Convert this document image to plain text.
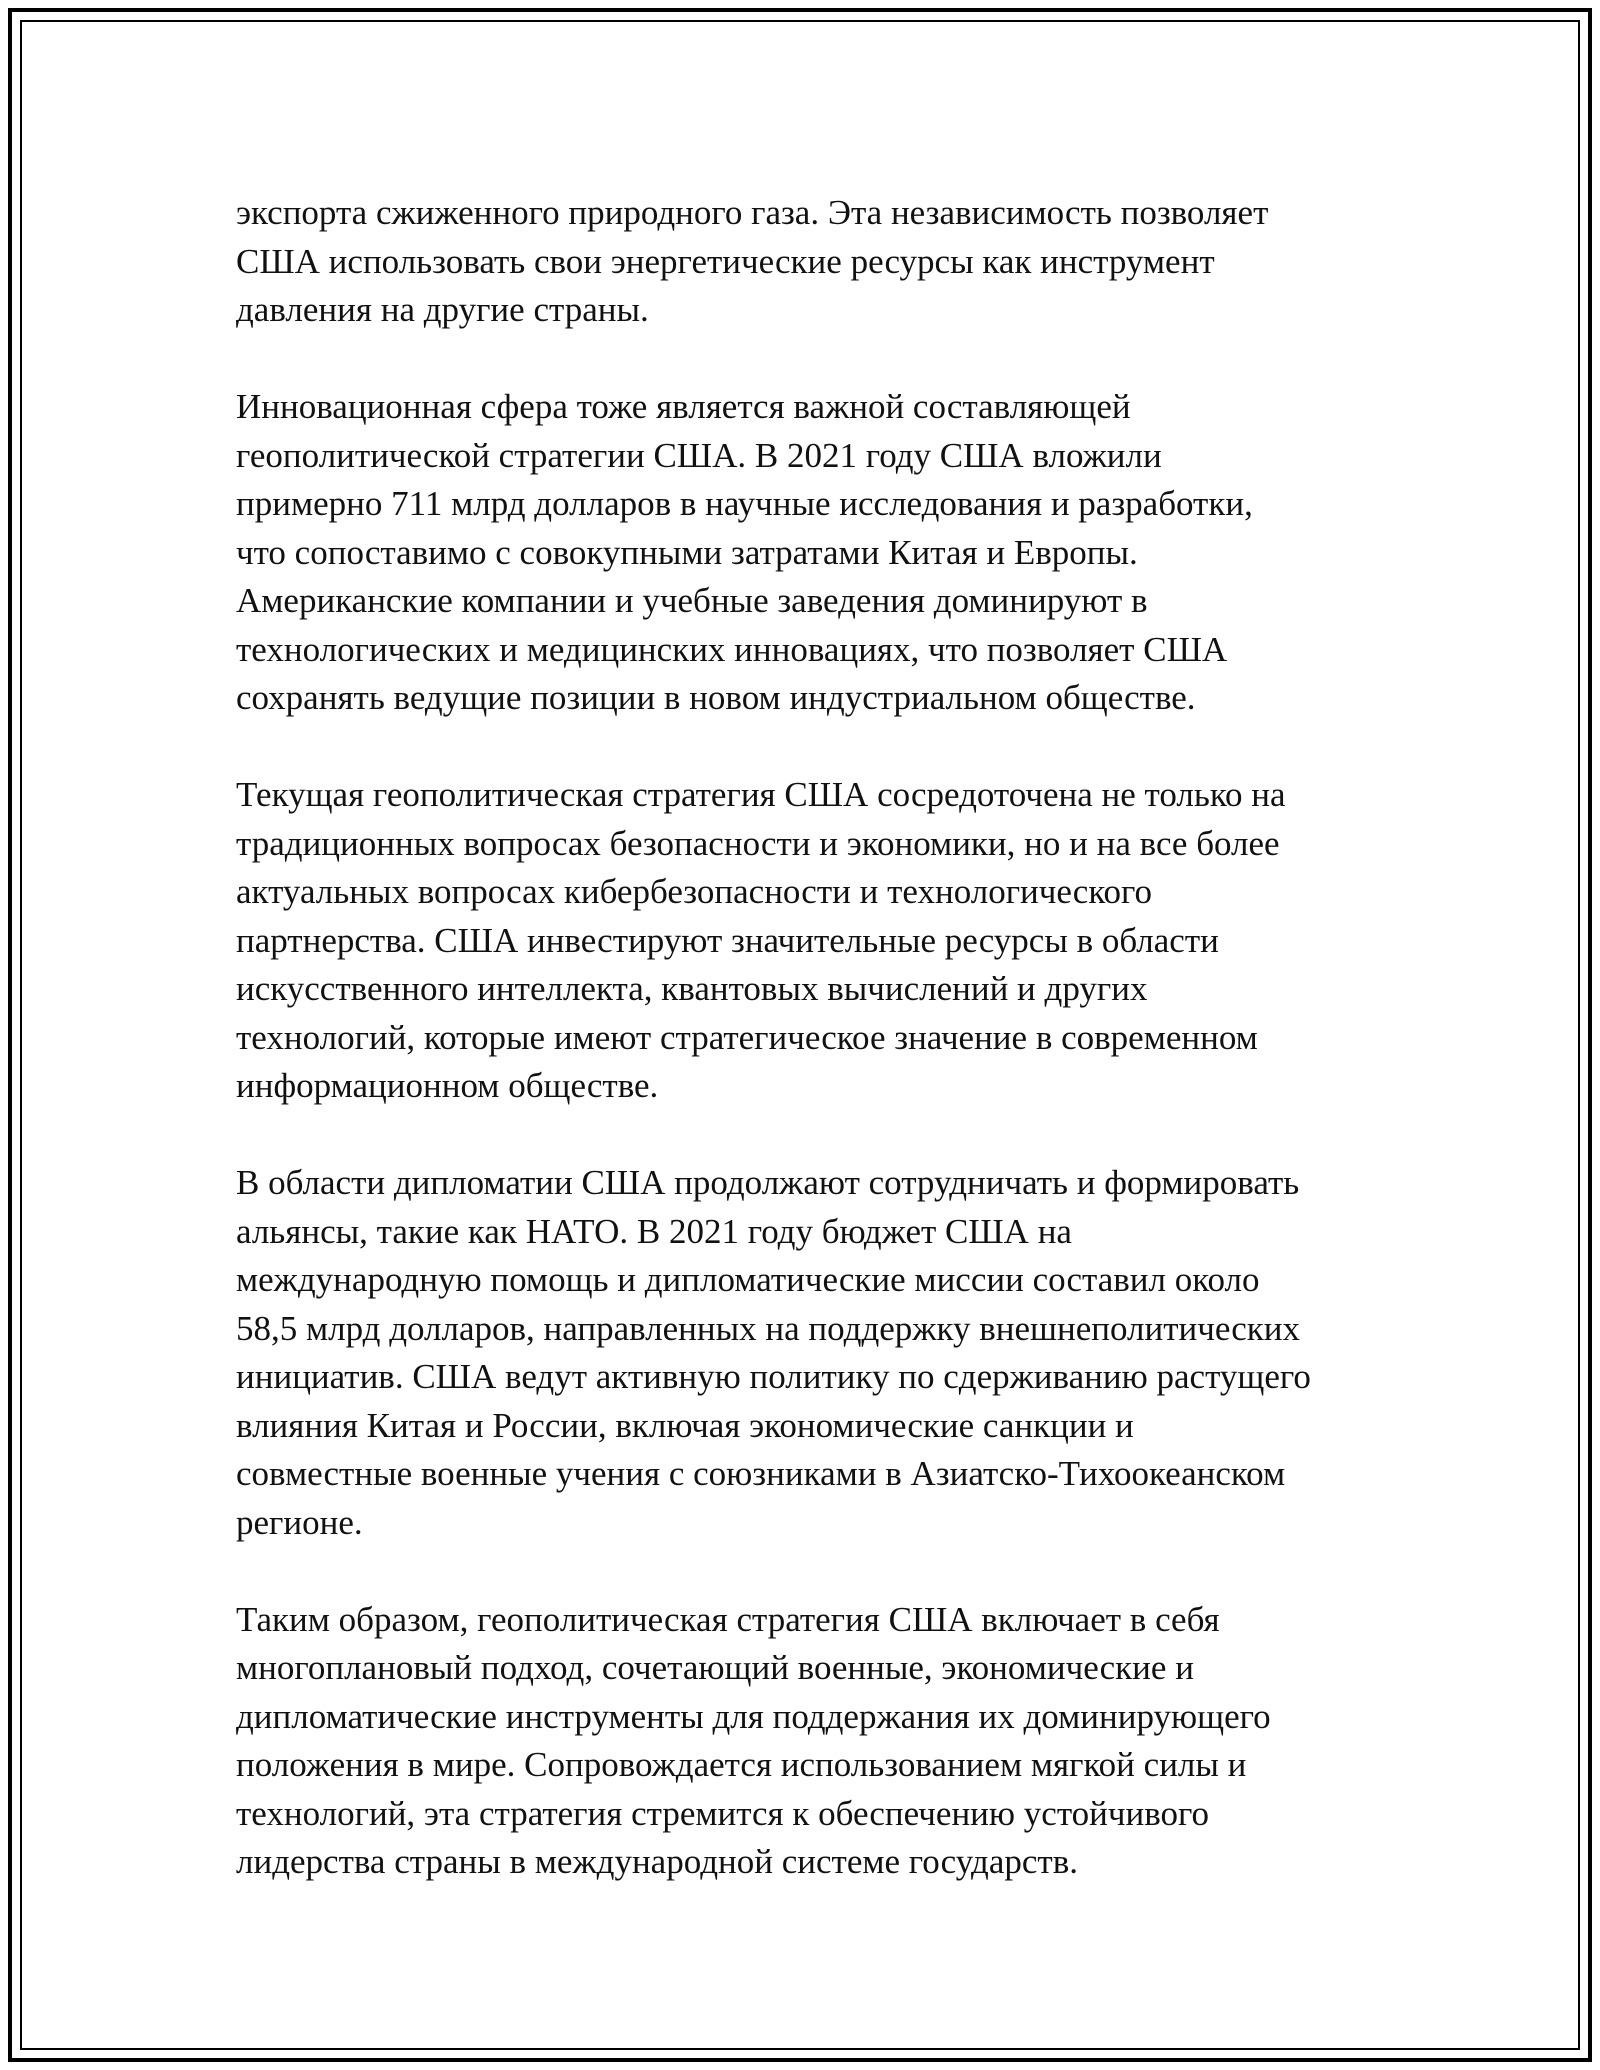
экспорта сжиженного природного газа. Эта независимость позволяет
США использовать свои энергетические ресурсы как инструмент
давления на другие страны.

Инновационная сфера тоже является важной составляющей
геополитической стратегии США. В 2021 году США вложили
примерно 711 млрд долларов в научные исследования и разработки,
что сопоставимо с совокупными затратами Китая и Европы.
Американские компании и учебные заведения доминируют в
технологических и медицинских инновациях, что позволяет США
сохранять ведущие позиции в новом индустриальном обществе.

Текущая геополитическая стратегия США сосредоточена не только на
традиционных вопросах безопасности и экономики, но и на все более
актуальных вопросах кибербезопасности и технологического
партнерства. США инвестируют значительные ресурсы в области
искусственного интеллекта, квантовых вычислений и других
технологий, которые имеют стратегическое значение в современном
информационном обществе.

В области дипломатии США продолжают сотрудничать и формировать
альянсы, такие как НАТО. В 2021 году бюджет США на
международную помощь и дипломатические миссии составил около
58,5 млрд долларов, направленных на поддержку внешнеполитических
инициатив. США ведут активную политику по сдерживанию растущего
влияния Китая и России, включая экономические санкции и
совместные военные учения с союзниками в Азиатско-Тихоокеанском
регионе.

Таким образом, геополитическая стратегия США включает в себя
многоплановый подход, сочетающий военные, экономические и
дипломатические инструменты для поддержания их доминирующего
положения в мире. Сопровождается использованием мягкой силы и
технологий, эта стратегия стремится к обеспечению устойчивого
лидерства страны в международной системе государств.
